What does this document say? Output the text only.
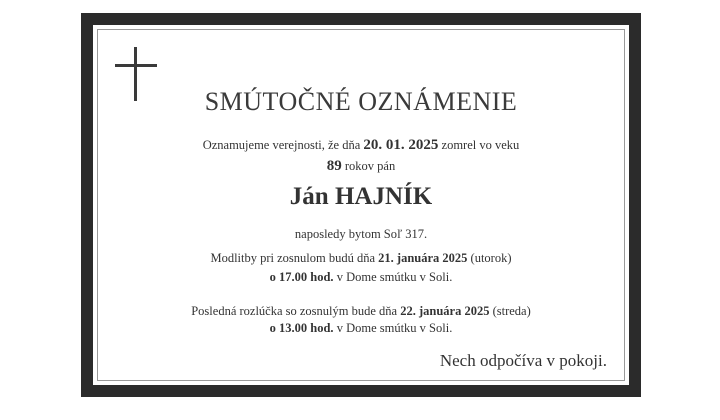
SMÚTOČNÉ OZNÁMENIE
Oznamujeme verejnosti, že dňa 20. 01. 2025 zomrel vo veku
89 rokov pán
Ján HAJNÍK
naposledy bytom Soľ 317.
Modlitby pri zosnulom budú dňa 21. januára 2025 (utorok)
o 17.00 hod. v Dome smútku v Soli.
Posledná rozlúčka so zosnulým bude dňa 22. januára 2025 (streda)
o 13.00 hod. v Dome smútku v Soli.
Nech odpočíva v pokoji.
